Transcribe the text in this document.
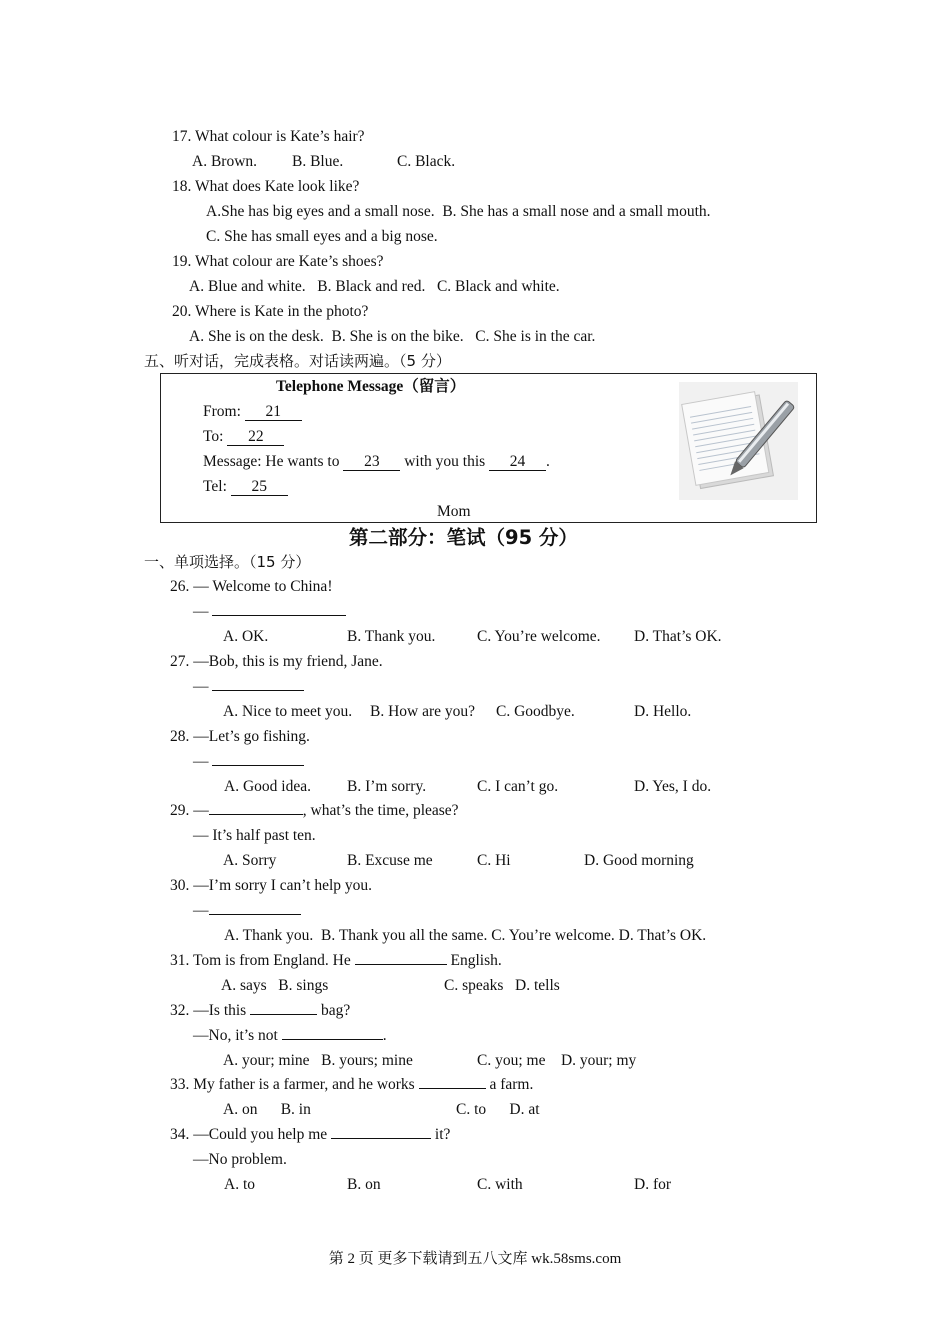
17. What colour is Kate’s hair?
A. Brown. B. Blue.	C. Black.
18. What does Kate look like?
A.She has big eyes and a small nose.  B. She has a small nose and a small mouth.
C. She has small eyes and a big nose.
19. What colour are Kate’s shoes?
A. Blue and white.   B. Black and red.   C. Black and white.
20. Where is Kate in the photo?
A. She is on the desk.  B. She is on the bike.   C. She is in the car.
五、听对话，完成表格。对话读两遍。（5 分）
Telephone Message（留言）
From: 21
To: 22
Message: He wants to 23 with you this 24 .
Tel: 25
Mom
第二部分：笔试（95 分）
一、单项选择。（15 分）
26. — Welcome to China!
—
A. OK.	B. Thank you.	C. You’re welcome. D. That’s OK.
27. —Bob, this is my friend, Jane.
—
A. Nice to meet you. B. How are you? C. Goodbye.	D. Hello.
28. —Let’s go fishing.
—
A. Good idea. B. I’m sorry.	C. I can’t go.	D. Yes, I do.
29. —	, what’s the time, please?
— It’s half past ten.
A. Sorry	B. Excuse me	C. Hi	D. Good morning
30. —I’m sorry I can’t help you.
—
A. Thank you.  B. Thank you all the same. C. You’re welcome. D. That’s OK.
31. Tom is from England. He	English.
A. says   B. sings	C. speaks   D. tells
32. —Is this	bag?
—No, it’s not	.
A. your; mine   B. yours; mine	C. you; me    D. your; my
33. My father is a farmer, and he works	a farm.
A. on      B. in	C. to      D. at
34. —Could you help me	it?
—No problem.
A. to	B. on	C. with	D. for
第 2 页 更多下载请到五八文库 wk.58sms.com
